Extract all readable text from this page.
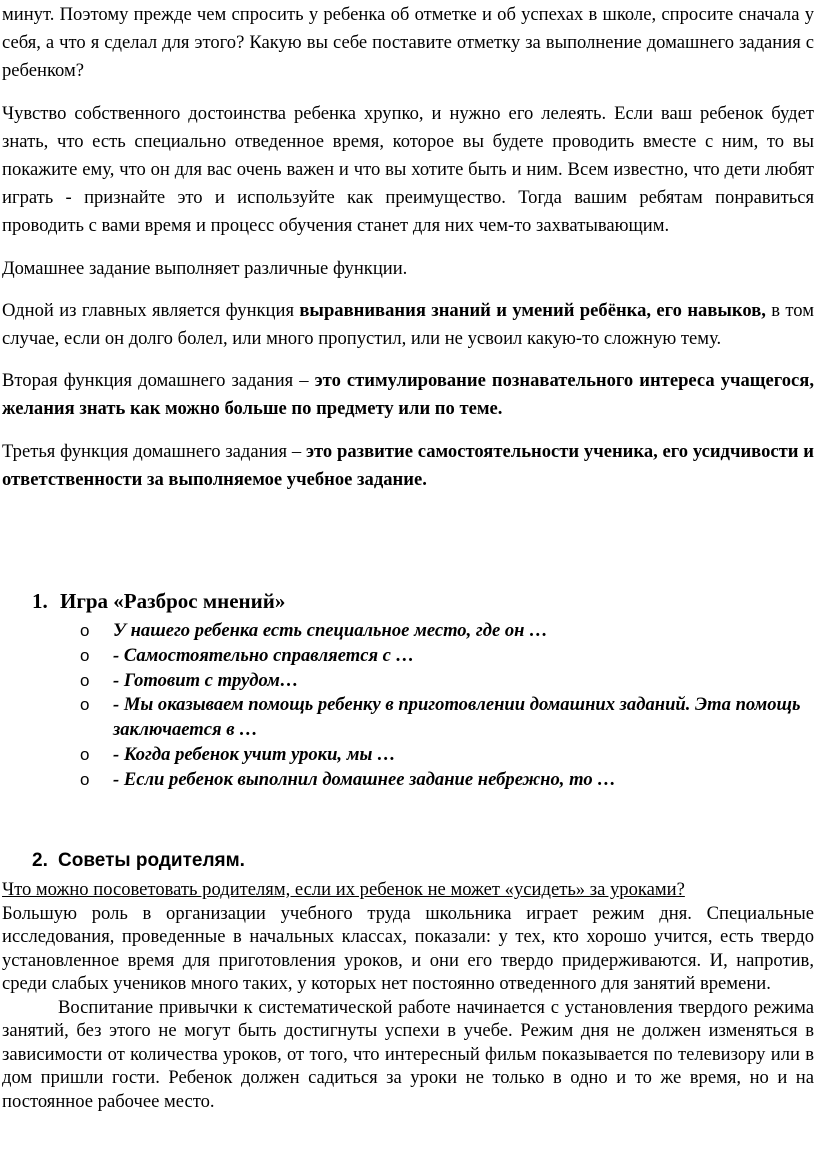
минут. Поэтому прежде чем спросить у ребенка об отметке и об успехах в школе, спросите сначала у себя, а что я сделал для этого? Какую вы себе поставите отметку за выполнение домашнего задания с ребенком?

Чувство собственного достоинства ребенка хрупко, и нужно его лелеять. Если ваш ребенок будет знать, что есть специально отведенное время, которое вы будете проводить вместе с ним, то вы покажите ему, что он для вас очень важен и что вы хотите быть и ним. Всем известно, что дети любят играть - признайте это и используйте как преимущество. Тогда вашим ребятам понравиться проводить с вами время и процесс обучения станет для них чем-то захватывающим.

Домашнее задание выполняет различные функции.

Одной из главных является функция выравнивания знаний и умений ребёнка, его навыков, в том случае, если он долго болел, или много пропустил, или не усвоил какую-то сложную тему.

Вторая функция домашнего задания – это стимулирование познавательного интереса учащегося, желания знать как можно больше по предмету или по теме.

Третья функция домашнего задания – это развитие самостоятельности ученика, его усидчивости и ответственности за выполняемое учебное задание.

1. Игра «Разброс мнений»
o У нашего ребенка есть специальное место, где он …
o - Самостоятельно справляется с …
o - Готовит с трудом…
o - Мы оказываем помощь ребенку в приготовлении домашних заданий. Эта помощь заключается в …
o - Когда ребенок учит уроки, мы …
o - Если ребенок выполнил домашнее задание небрежно, то …
2. Советы родителям.

Что можно посоветовать родителям, если их ребенок не может «усидеть» за уроками?

Большую роль в организации учебного труда школьника играет режим дня. Специальные исследования, проведенные в начальных классах, показали: у тех, кто хорошо учится, есть твердо установленное время для приготовления уроков, и они его твердо придерживаются. И, напротив, среди слабых учеников много таких, у которых нет постоянно отведенного для занятий времени.

Воспитание привычки к систематической работе начинается с установления твердого режима занятий, без этого не могут быть достигнуты успехи в учебе. Режим дня не должен изменяться в зависимости от количества уроков, от того, что интересный фильм показывается по телевизору или в дом пришли гости. Ребенок должен садиться за уроки не только в одно и то же время, но и на постоянное рабочее место.
